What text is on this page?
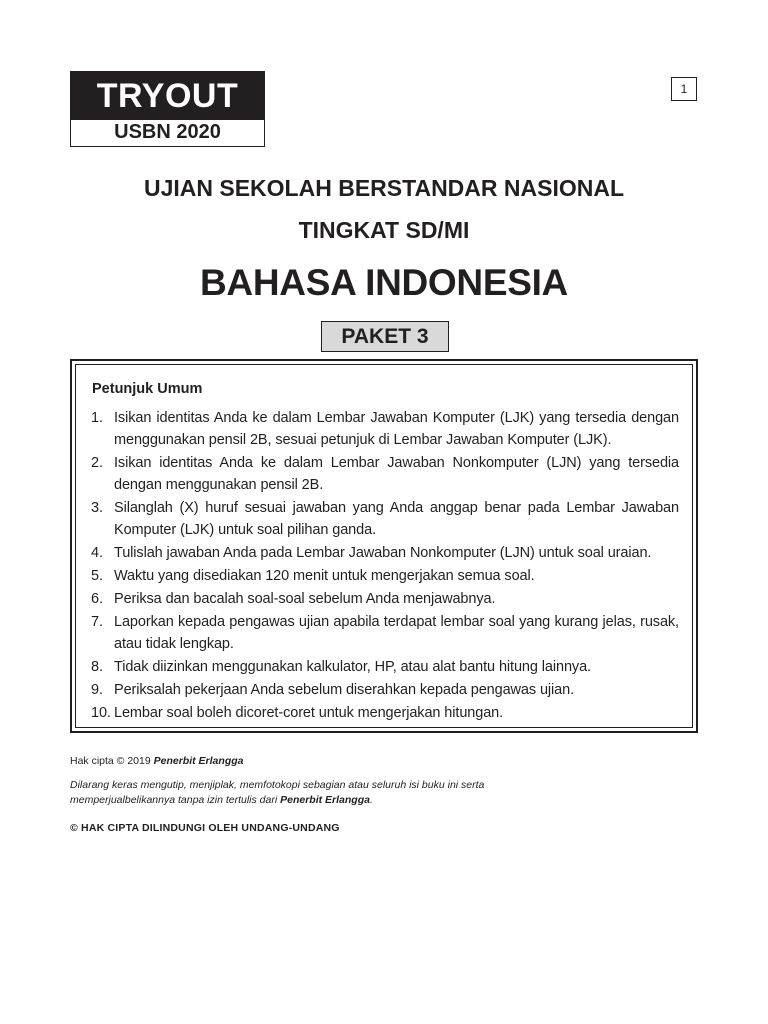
TRYOUT
USBN 2020
1
UJIAN SEKOLAH BERSTANDAR NASIONAL
TINGKAT SD/MI
BAHASA INDONESIA
PAKET 3
Petunjuk Umum
1. Isikan identitas Anda ke dalam Lembar Jawaban Komputer (LJK) yang tersedia dengan menggunakan pensil 2B, sesuai petunjuk di Lembar Jawaban Komputer (LJK).
2. Isikan identitas Anda ke dalam Lembar Jawaban Nonkomputer (LJN) yang tersedia dengan menggunakan pensil 2B.
3. Silanglah (X) huruf sesuai jawaban yang Anda anggap benar pada Lembar Jawaban Komputer (LJK) untuk soal pilihan ganda.
4. Tulislah jawaban Anda pada Lembar Jawaban Nonkomputer (LJN) untuk soal uraian.
5. Waktu yang disediakan 120 menit untuk mengerjakan semua soal.
6. Periksa dan bacalah soal-soal sebelum Anda menjawabnya.
7. Laporkan kepada pengawas ujian apabila terdapat lembar soal yang kurang jelas, rusak, atau tidak lengkap.
8. Tidak diizinkan menggunakan kalkulator, HP, atau alat bantu hitung lainnya.
9. Periksalah pekerjaan Anda sebelum diserahkan kepada pengawas ujian.
10. Lembar soal boleh dicoret-coret untuk mengerjakan hitungan.
Hak cipta © 2019 Penerbit Erlangga
Dilarang keras mengutip, menjiplak, memfotokopi sebagian atau seluruh isi buku ini serta memperjualbelikannya tanpa izin tertulis dari Penerbit Erlangga.
© HAK CIPTA DILINDUNGI OLEH UNDANG-UNDANG
